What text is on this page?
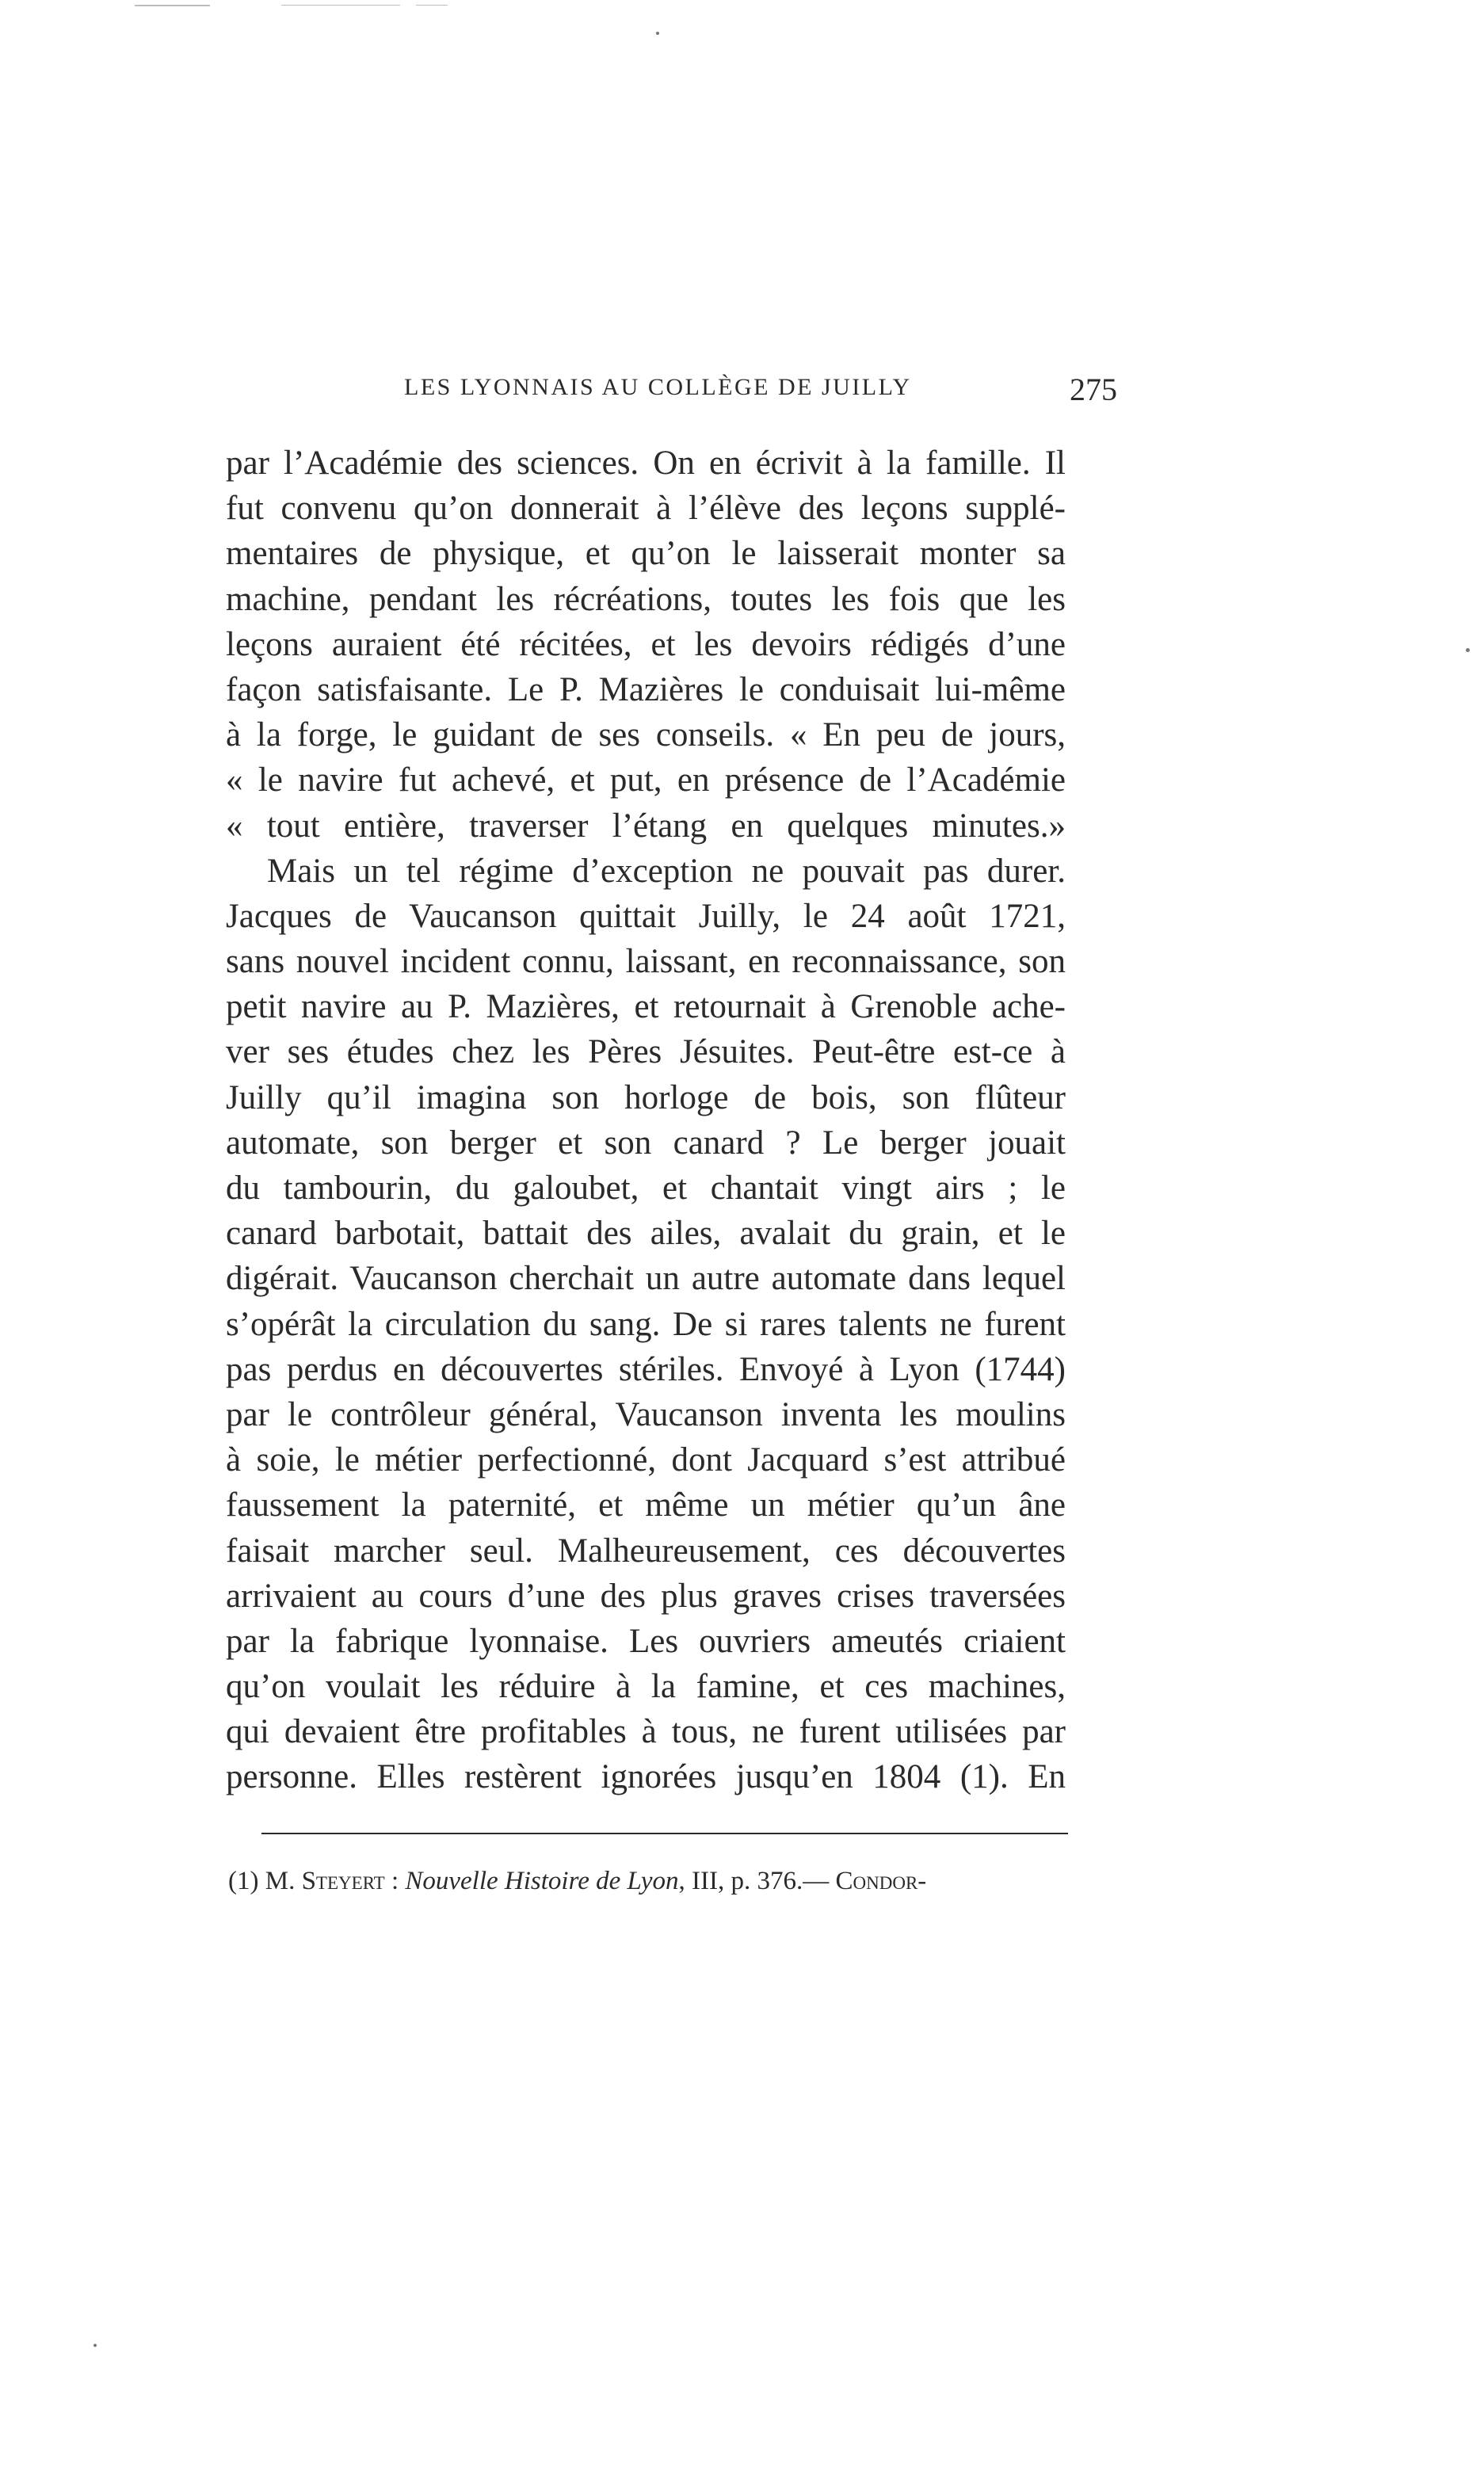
LES LYONNAIS AU COLLÈGE DE JUILLY	275
par l’Académie des sciences. On en écrivit à la famille. Il
fut convenu qu’on donnerait à l’élève des leçons supplé-
mentaires de physique, et qu’on le laisserait monter sa
machine, pendant les récréations, toutes les fois que les
leçons auraient été récitées, et les devoirs rédigés d’une
façon satisfaisante. Le P. Mazières le conduisait lui-même
à la forge, le guidant de ses conseils. « En peu de jours,
« le navire fut achevé, et put, en présence de l’Académie
« tout entière, traverser l’étang en quelques minutes.»
Mais un tel régime d’exception ne pouvait pas durer.
Jacques de Vaucanson quittait Juilly, le 24 août 1721,
sans nouvel incident connu, laissant, en reconnaissance, son
petit navire au P. Mazières, et retournait à Grenoble ache-
ver ses études chez les Pères Jésuites. Peut-être est-ce à
Juilly qu’il imagina son horloge de bois, son flûteur
automate, son berger et son canard ? Le berger jouait
du tambourin, du galoubet, et chantait vingt airs ; le
canard barbotait, battait des ailes, avalait du grain, et le
digérait. Vaucanson cherchait un autre automate dans lequel
s’opérât la circulation du sang. De si rares talents ne furent
pas perdus en découvertes stériles. Envoyé à Lyon (1744)
par le contrôleur général, Vaucanson inventa les moulins
à soie, le métier perfectionné, dont Jacquard s’est attribué
faussement la paternité, et même un métier qu’un âne
faisait marcher seul. Malheureusement, ces découvertes
arrivaient au cours d’une des plus graves crises traversées
par la fabrique lyonnaise. Les ouvriers ameutés criaient
qu’on voulait les réduire à la famine, et ces machines,
qui devaient être profitables à tous, ne furent utilisées par
personne. Elles restèrent ignorées jusqu’en 1804 (1). En
(1) M. Steyert : Nouvelle Histoire de Lyon, III, p. 376.— Condor-
